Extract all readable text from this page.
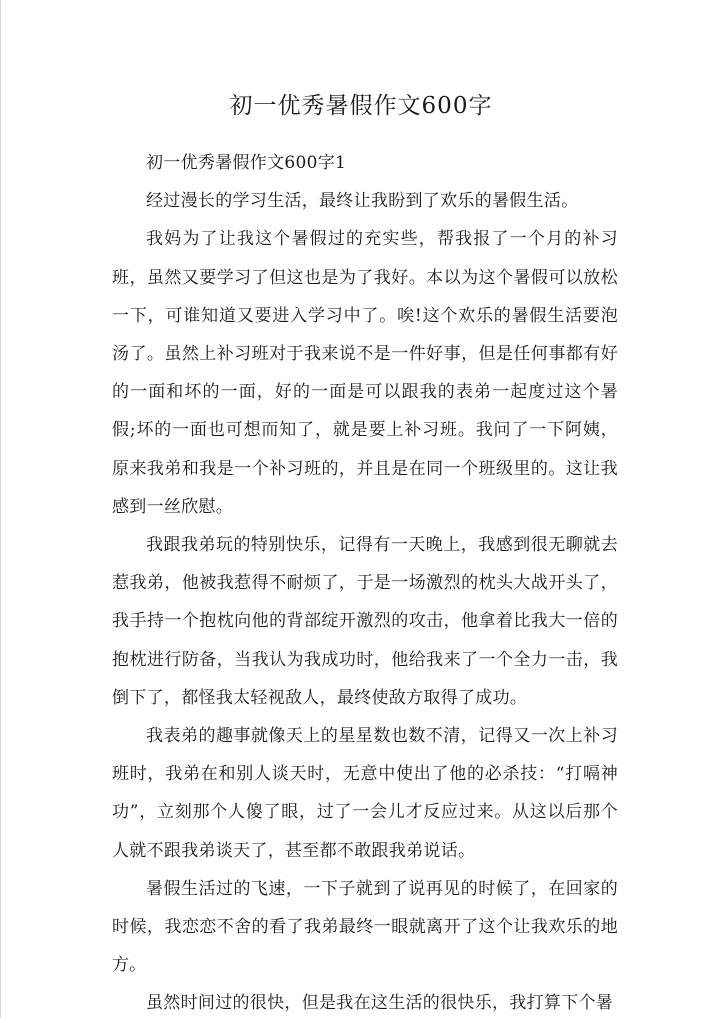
初一优秀暑假作文600字

初一优秀暑假作文600字1

经过漫长的学习生活，最终让我盼到了欢乐的暑假生活。

我妈为了让我这个暑假过的充实些，帮我报了一个月的补习班，虽然又要学习了但这也是为了我好。本以为这个暑假可以放松一下，可谁知道又要进入学习中了。唉!这个欢乐的暑假生活要泡汤了。虽然上补习班对于我来说不是一件好事，但是任何事都有好的一面和坏的一面，好的一面是可以跟我的表弟一起度过这个暑假;坏的一面也可想而知了，就是要上补习班。我问了一下阿姨，原来我弟和我是一个补习班的，并且是在同一个班级里的。这让我感到一丝欣慰。

我跟我弟玩的特别快乐，记得有一天晚上，我感到很无聊就去惹我弟，他被我惹得不耐烦了，于是一场激烈的枕头大战开头了，我手持一个抱枕向他的背部绽开激烈的攻击，他拿着比我大一倍的抱枕进行防备，当我认为我成功时，他给我来了一个全力一击，我倒下了，都怪我太轻视敌人，最终使敌方取得了成功。

我表弟的趣事就像天上的星星数也数不清，记得又一次上补习班时，我弟在和别人谈天时，无意中使出了他的必杀技：“打嗝神功”，立刻那个人傻了眼，过了一会儿才反应过来。从这以后那个人就不跟我弟谈天了，甚至都不敢跟我弟说话。

暑假生活过的飞速，一下子就到了说再见的时候了，在回家的时候，我恋恋不舍的看了我弟最终一眼就离开了这个让我欢乐的地方。

虽然时间过的很快，但是我在这生活的很快乐，我打算下个暑
